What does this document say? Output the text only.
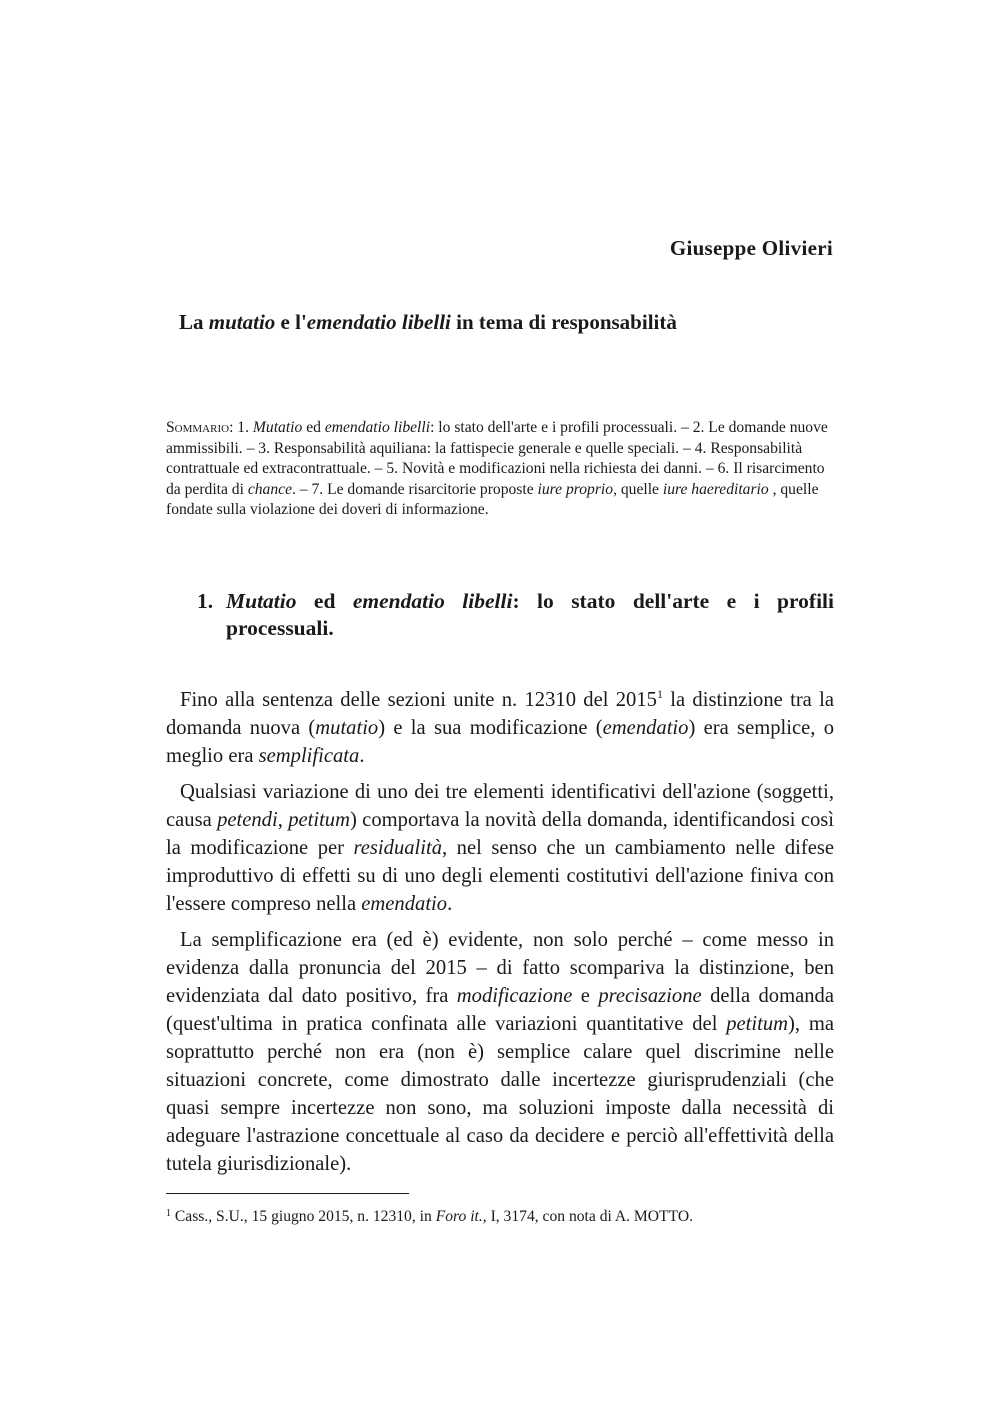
Giuseppe Olivieri
La mutatio e l'emendatio libelli in tema di responsabilità
Sommario: 1. Mutatio ed emendatio libelli: lo stato dell'arte e i profili processuali. – 2. Le domande nuove ammissibili. – 3. Responsabilità aquiliana: la fattispecie generale e quelle speciali. – 4. Responsabilità contrattuale ed extracontrattuale. – 5. Novità e modificazioni nella richiesta dei danni. – 6. Il risarcimento da perdita di chance. – 7. Le domande risarcitorie proposte iure proprio, quelle iure haereditario , quelle fondate sulla violazione dei doveri di informazione.
1. Mutatio ed emendatio libelli: lo stato dell'arte e i profili processuali.

Fino alla sentenza delle sezioni unite n. 12310 del 2015$^1$ la distinzione tra la domanda nuova (mutatio) e la sua modificazione (emendatio) era semplice, o meglio era semplificata.

Qualsiasi variazione di uno dei tre elementi identificativi dell'azione (soggetti, causa petendi, petitum) comportava la novità della domanda, identificandosi così la modificazione per residualità, nel senso che un cambiamento nelle difese improduttivo di effetti su di uno degli elementi costitutivi dell'azione finiva con l'essere compreso nella emendatio.

La semplificazione era (ed è) evidente, non solo perché – come messo in evidenza dalla pronuncia del 2015 – di fatto scompariva la distinzione, ben evidenziata dal dato positivo, fra modificazione e precisazione della domanda (quest'ultima in pratica confinata alle variazioni quantitative del petitum), ma soprattutto perché non era (non è) semplice calare quel discrimine nelle situazioni concrete, come dimostrato dalle incertezze giurisprudenziali (che quasi sempre incertezze non sono, ma soluzioni imposte dalla necessità di adeguare l'astrazione concettuale al caso da decidere e perciò all'effettività della tutela giurisdizionale).

$^1$ Cass., S.U., 15 giugno 2015, n. 12310, in Foro it., I, 3174, con nota di A. MOTTO.
